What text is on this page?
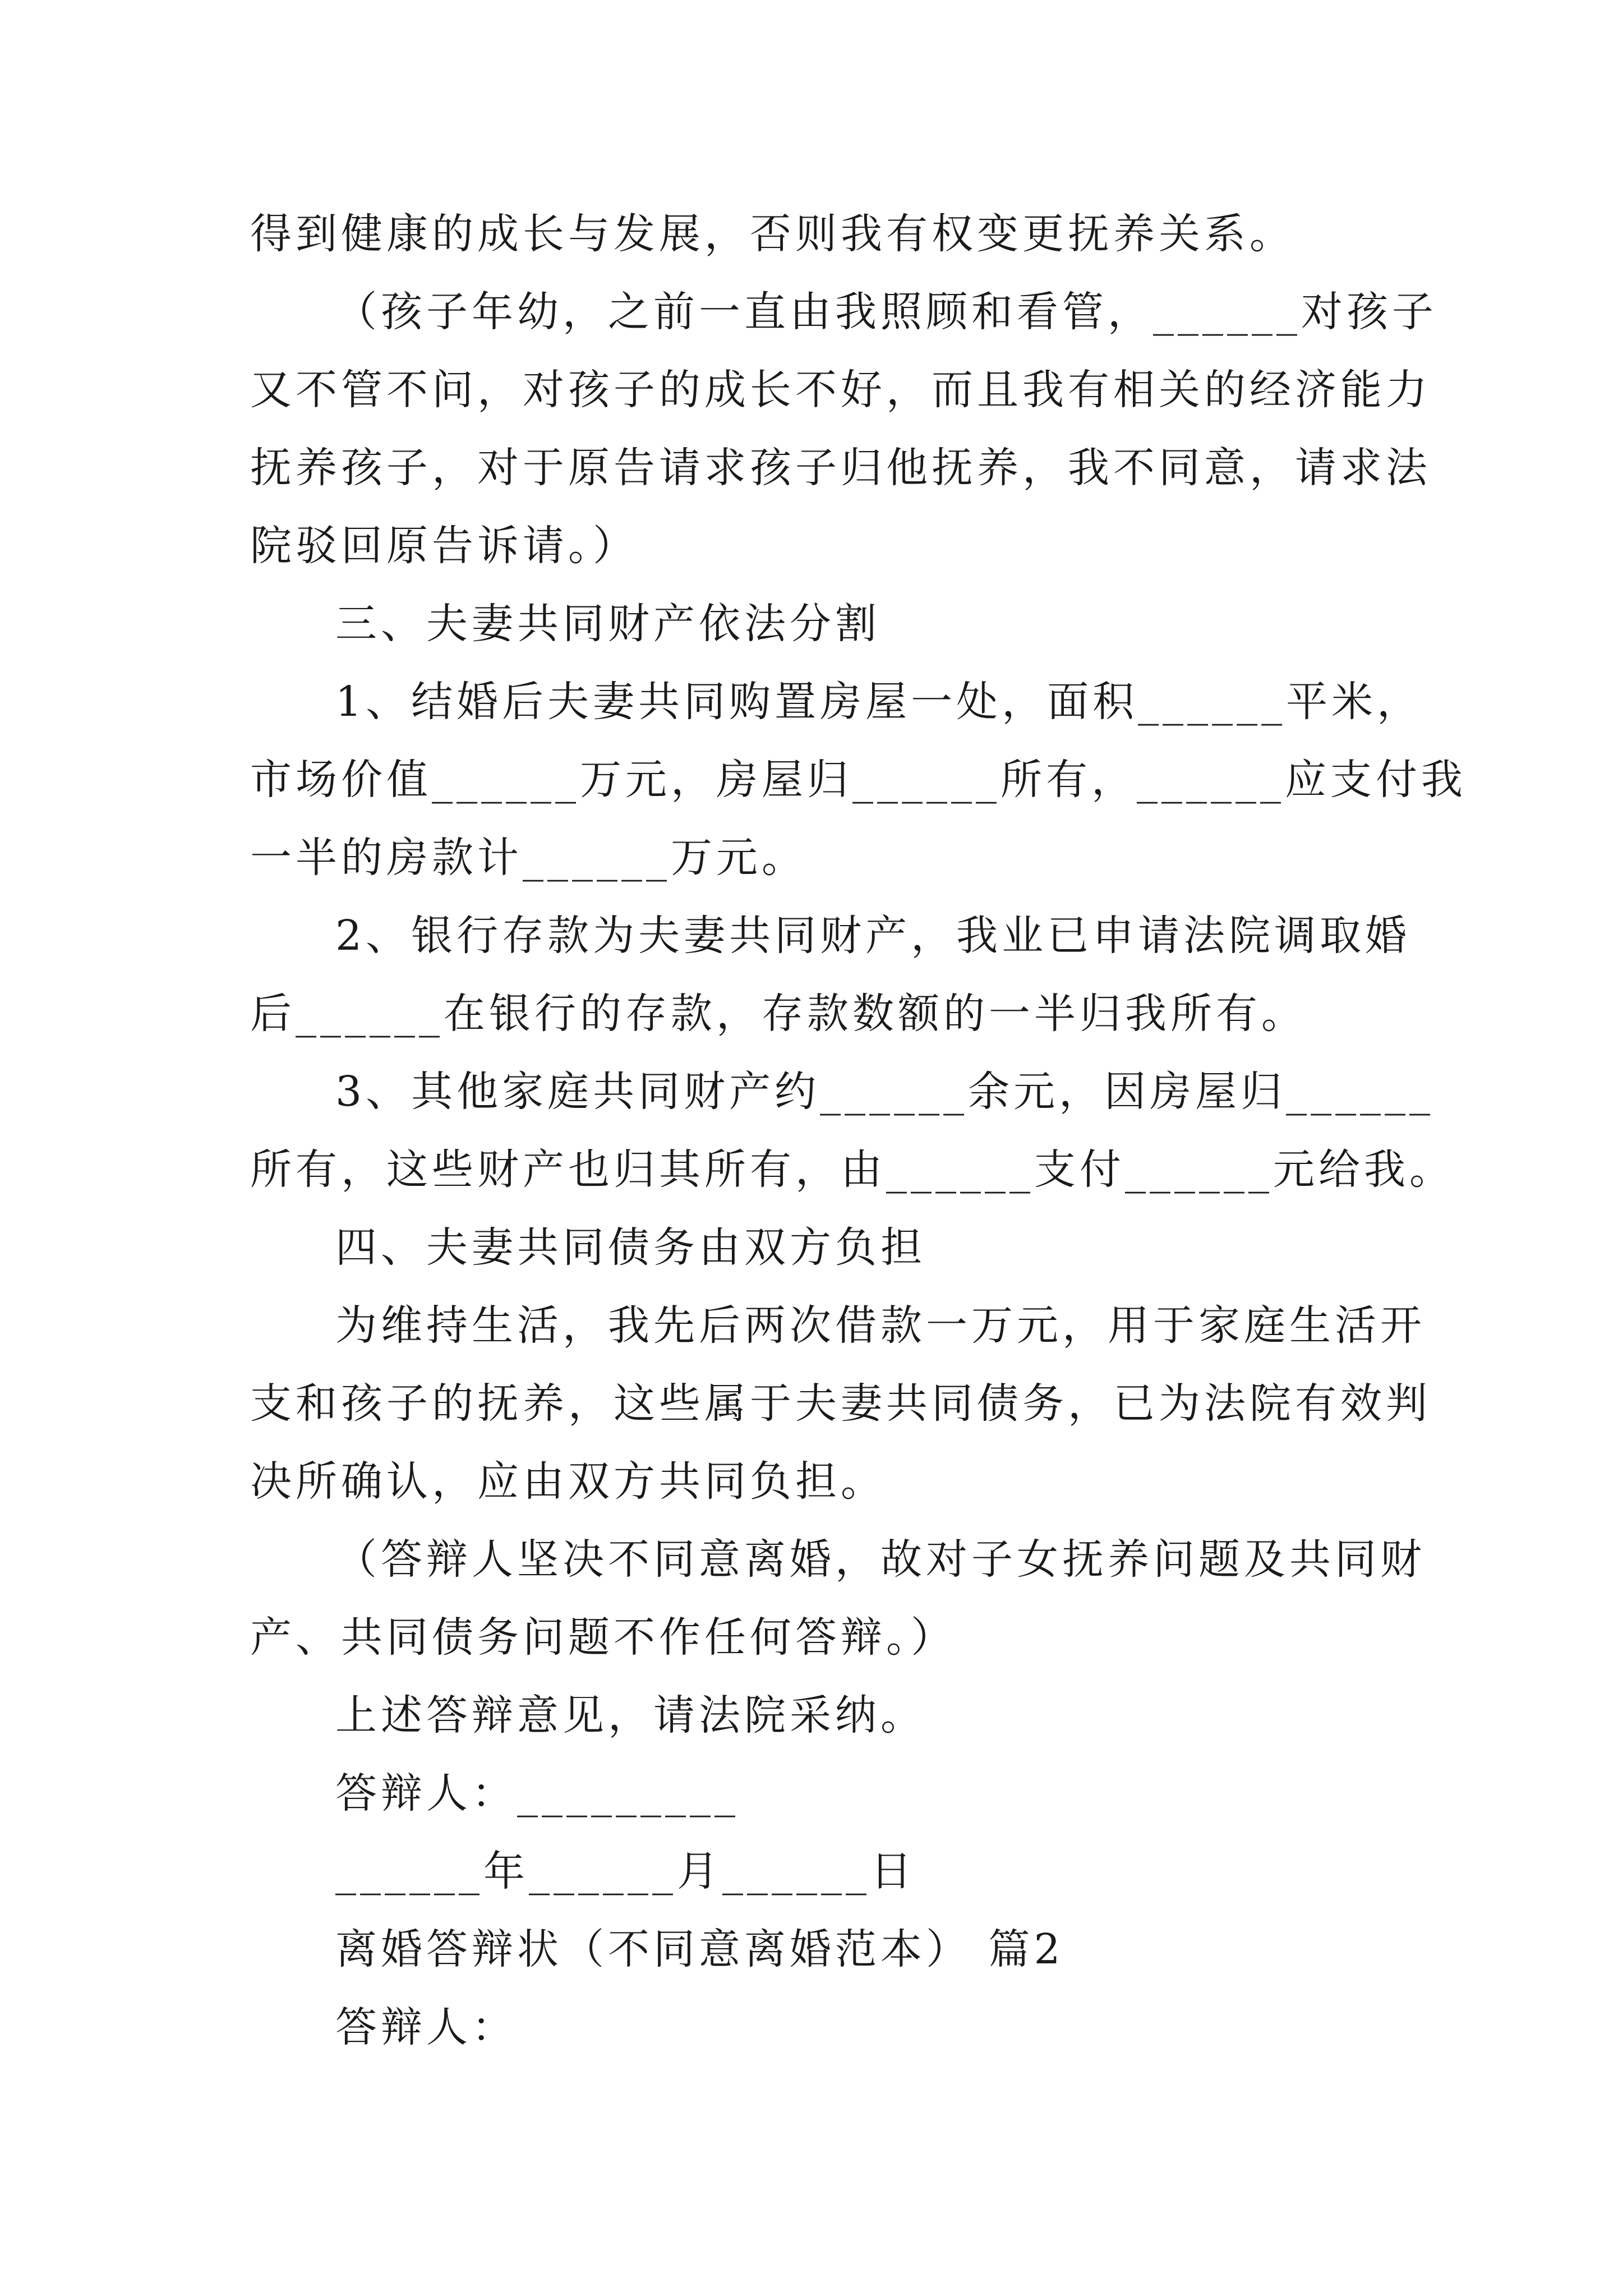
得到健康的成长与发展，否则我有权变更抚养关系。

（孩子年幼，之前一直由我照顾和看管，______对孩子

又不管不问，对孩子的成长不好，而且我有相关的经济能力

抚养孩子，对于原告请求孩子归他抚养，我不同意，请求法

院驳回原告诉请。）

三、夫妻共同财产依法分割

1、结婚后夫妻共同购置房屋一处，面积______平米，

市场价值______万元，房屋归______所有，______应支付我

一半的房款计______万元。

2、银行存款为夫妻共同财产，我业已申请法院调取婚

后______在银行的存款，存款数额的一半归我所有。

3、其他家庭共同财产约______余元，因房屋归______

所有，这些财产也归其所有，由______支付______元给我。

四、夫妻共同债务由双方负担

为维持生活，我先后两次借款一万元，用于家庭生活开

支和孩子的抚养，这些属于夫妻共同债务，已为法院有效判

决所确认，应由双方共同负担。

（答辩人坚决不同意离婚，故对子女抚养问题及共同财

产、共同债务问题不作任何答辩。）

上述答辩意见，请法院采纳。

答辩人：_________

______年______月______日

离婚答辩状（不同意离婚范本） 篇2

答辩人：
